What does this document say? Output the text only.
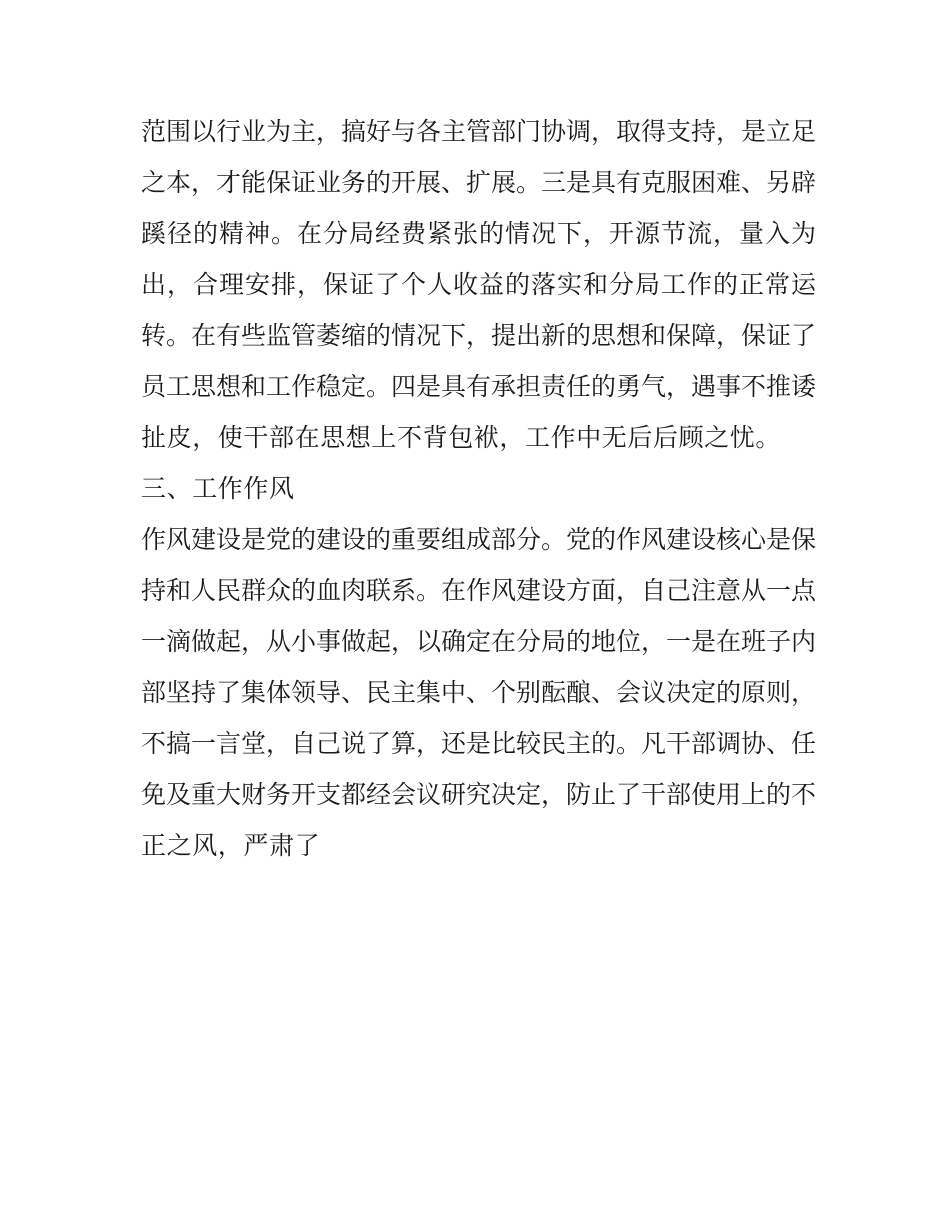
范围以行业为主，搞好与各主管部门协调，取得支持，是立足
之本，才能保证业务的开展、扩展。三是具有克服困难、另辟
蹊径的精神。在分局经费紧张的情况下，开源节流，量入为
出，合理安排，保证了个人收益的落实和分局工作的正常运
转。在有些监管萎缩的情况下，提出新的思想和保障，保证了
员工思想和工作稳定。四是具有承担责任的勇气，遇事不推诿
扯皮，使干部在思想上不背包袱，工作中无后后顾之忧。
三、工作作风
作风建设是党的建设的重要组成部分。党的作风建设核心是保
持和人民群众的血肉联系。在作风建设方面，自己注意从一点
一滴做起，从小事做起，以确定在分局的地位，一是在班子内
部坚持了集体领导、民主集中、个别酝酿、会议决定的原则，
不搞一言堂，自己说了算，还是比较民主的。凡干部调协、任
免及重大财务开支都经会议研究决定，防止了干部使用上的不
正之风，严肃了
